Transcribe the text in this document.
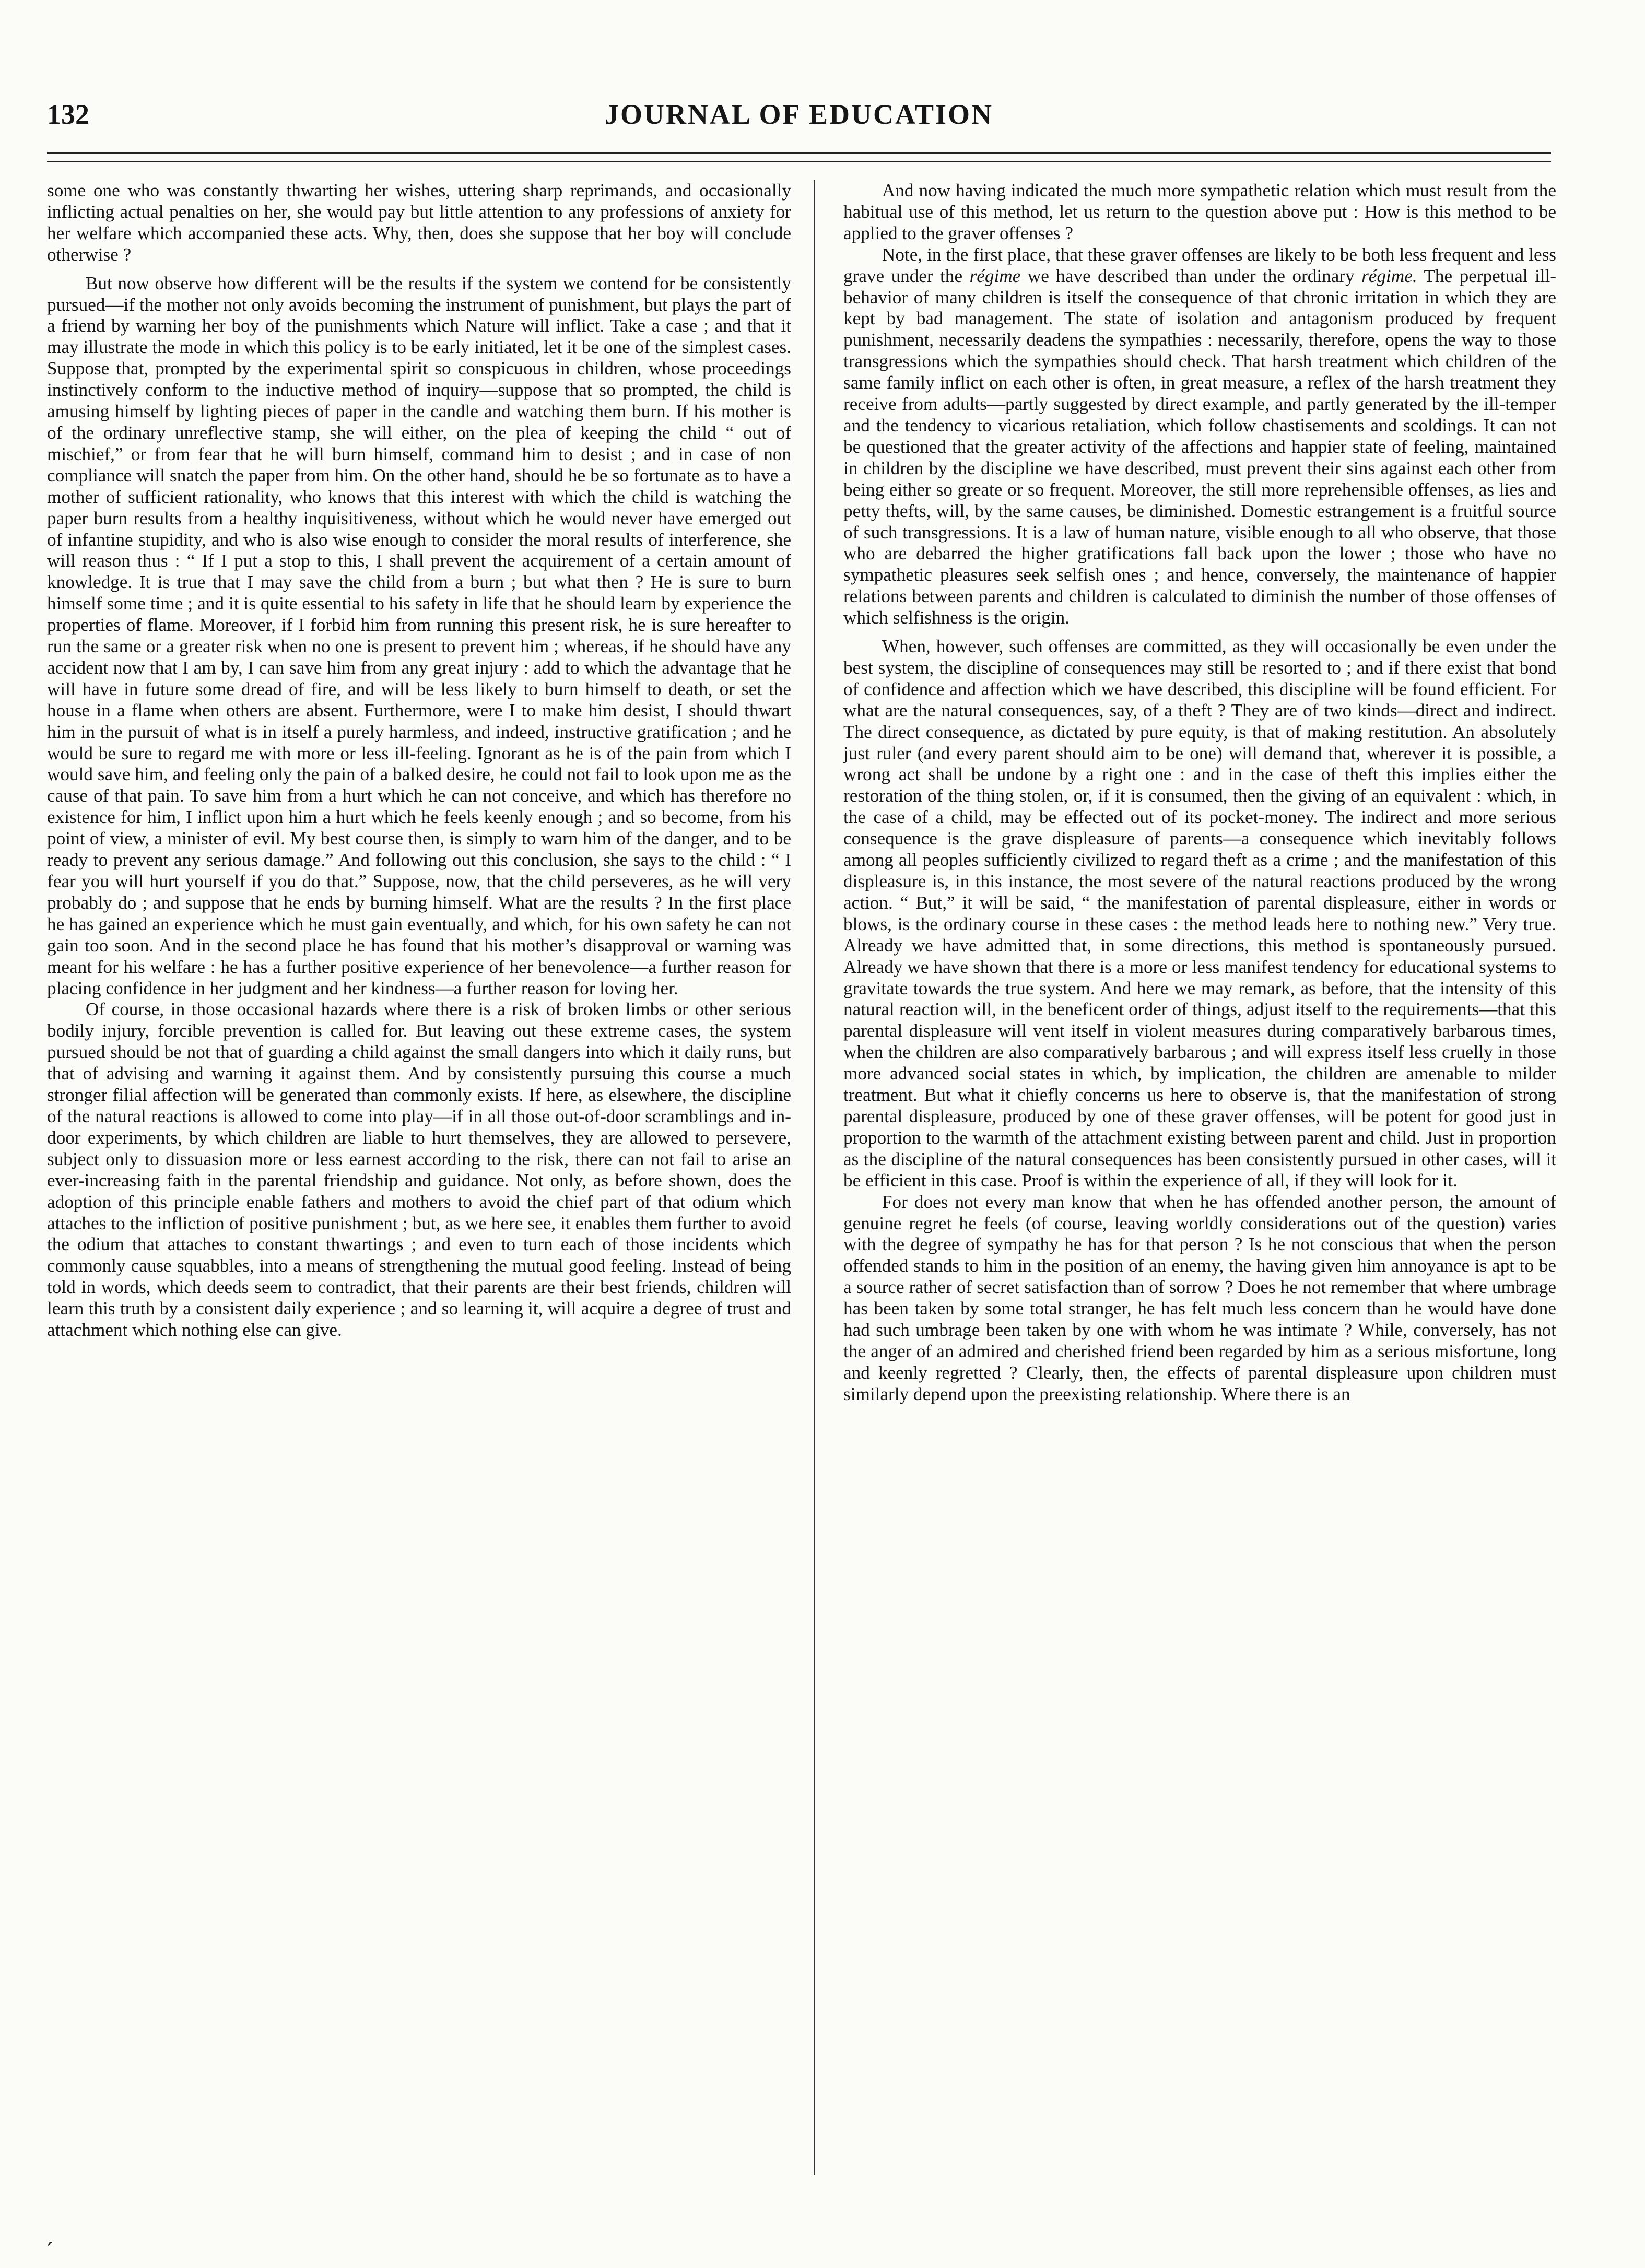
132	JOURNAL OF EDUCATION

some one who was constantly thwarting her wishes, uttering sharp reprimands, and occasionally inflicting actual penalties on her, she would pay but little attention to any professions of anxiety for her welfare which accompanied these acts. Why, then, does she suppose that her boy will conclude otherwise ?

But now observe how different will be the results if the system we contend for be consistently pursued—if the mother not only avoids becoming the instrument of punishment, but plays the part of a friend by warning her boy of the punishments which Nature will inflict. Take a case ; and that it may illustrate the mode in which this policy is to be early initiated, let it be one of the simplest cases. Suppose that, prompted by the experimental spirit so conspicuous in children, whose proceedings instinctively conform to the inductive method of inquiry—suppose that so prompted, the child is amusing himself by lighting pieces of paper in the candle and watching them burn. If his mother is of the ordinary unreflective stamp, she will either, on the plea of keeping the child “ out of mischief,” or from fear that he will burn himself, command him to desist ; and in case of non compliance will snatch the paper from him. On the other hand, should he be so fortunate as to have a mother of sufficient rationality, who knows that this interest with which the child is watching the paper burn results from a healthy inquisitiveness, without which he would never have emerged out of infantine stupidity, and who is also wise enough to consider the moral results of interference, she will reason thus : “ If I put a stop to this, I shall prevent the acquirement of a certain amount of knowledge. It is true that I may save the child from a burn ; but what then ? He is sure to burn himself some time ; and it is quite essential to his safety in life that he should learn by experience the properties of flame. Moreover, if I forbid him from running this present risk, he is sure hereafter to run the same or a greater risk when no one is present to prevent him ; whereas, if he should have any accident now that I am by, I can save him from any great injury : add to which the advantage that he will have in future some dread of fire, and will be less likely to burn himself to death, or set the house in a flame when others are absent. Furthermore, were I to make him desist, I should thwart him in the pursuit of what is in itself a purely harmless, and indeed, instructive gratification ; and he would be sure to regard me with more or less ill-feeling. Ignorant as he is of the pain from which I would save him, and feeling only the pain of a balked desire, he could not fail to look upon me as the cause of that pain. To save him from a hurt which he can not conceive, and which has therefore no existence for him, I inflict upon him a hurt which he feels keenly enough ; and so become, from his point of view, a minister of evil. My best course then, is simply to warn him of the danger, and to be ready to prevent any serious damage.” And following out this conclusion, she says to the child : “ I fear you will hurt yourself if you do that.” Suppose, now, that the child perseveres, as he will very probably do ; and suppose that he ends by burning himself. What are the results ? In the first place he has gained an experience which he must gain eventually, and which, for his own safety he can not gain too soon. And in the second place he has found that his mother’s disapproval or warning was meant for his welfare : he has a further positive experience of her benevolence—a further reason for placing confidence in her judgment and her kindness—a further reason for loving her.

Of course, in those occasional hazards where there is a risk of broken limbs or other serious bodily injury, forcible prevention is called for. But leaving out these extreme cases, the system pursued should be not that of guarding a child against the small dangers into which it daily runs, but that of advising and warning it against them. And by consistently pursuing this course a much stronger filial affection will be generated than commonly exists. If here, as elsewhere, the discipline of the natural reactions is allowed to come into play—if in all those out-of-door scramblings and in-door experiments, by which children are liable to hurt themselves, they are allowed to persevere, subject only to dissuasion more or less earnest according to the risk, there can not fail to arise an ever-increasing faith in the parental friendship and guidance. Not only, as before shown, does the adoption of this principle enable fathers and mothers to avoid the chief part of that odium which attaches to the infliction of positive punishment ; but, as we here see, it enables them further to avoid the odium that attaches to constant thwartings ; and even to turn each of those incidents which commonly cause squabbles, into a means of strengthening the mutual good feeling. Instead of being told in words, which deeds seem to contradict, that their parents are their best friends, children will learn this truth by a consistent daily experience ; and so learning it, will acquire a degree of trust and attachment which nothing else can give.

And now having indicated the much more sympathetic relation which must result from the habitual use of this method, let us return to the question above put : How is this method to be applied to the graver offenses ?

Note, in the first place, that these graver offenses are likely to be both less frequent and less grave under the régime we have described than under the ordinary régime. The perpetual ill-behavior of many children is itself the consequence of that chronic irritation in which they are kept by bad management. The state of isolation and antagonism produced by frequent punishment, necessarily deadens the sympathies : necessarily, therefore, opens the way to those transgressions which the sympathies should check. That harsh treatment which children of the same family inflict on each other is often, in great measure, a reflex of the harsh treatment they receive from adults—partly suggested by direct example, and partly generated by the ill-temper and the tendency to vicarious retaliation, which follow chastisements and scoldings. It can not be questioned that the greater activity of the affections and happier state of feeling, maintained in children by the discipline we have described, must prevent their sins against each other from being either so greate or so frequent. Moreover, the still more reprehensible offenses, as lies and petty thefts, will, by the same causes, be diminished. Domestic estrangement is a fruitful source of such transgressions. It is a law of human nature, visible enough to all who observe, that those who are debarred the higher gratifications fall back upon the lower ; those who have no sympathetic pleasures seek selfish ones ; and hence, conversely, the maintenance of happier relations between parents and children is calculated to diminish the number of those offenses of which selfishness is the origin.

When, however, such offenses are committed, as they will occasionally be even under the best system, the discipline of consequences may still be resorted to ; and if there exist that bond of confidence and affection which we have described, this discipline will be found efficient. For what are the natural consequences, say, of a theft ? They are of two kinds—direct and indirect. The direct consequence, as dictated by pure equity, is that of making restitution. An absolutely just ruler (and every parent should aim to be one) will demand that, wherever it is possible, a wrong act shall be undone by a right one : and in the case of theft this implies either the restoration of the thing stolen, or, if it is consumed, then the giving of an equivalent : which, in the case of a child, may be effected out of its pocket-money. The indirect and more serious consequence is the grave displeasure of parents—a consequence which inevitably follows among all peoples sufficiently civilized to regard theft as a crime ; and the manifestation of this displeasure is, in this instance, the most severe of the natural reactions produced by the wrong action. “ But,” it will be said, “ the manifestation of parental displeasure, either in words or blows, is the ordinary course in these cases : the method leads here to nothing new.” Very true. Already we have admitted that, in some directions, this method is spontaneously pursued. Already we have shown that there is a more or less manifest tendency for educational systems to gravitate towards the true system. And here we may remark, as before, that the intensity of this natural reaction will, in the beneficent order of things, adjust itself to the requirements—that this parental displeasure will vent itself in violent measures during comparatively barbarous times, when the children are also comparatively barbarous ; and will express itself less cruelly in those more advanced social states in which, by implication, the children are amenable to milder treatment. But what it chiefly concerns us here to observe is, that the manifestation of strong parental displeasure, produced by one of these graver offenses, will be potent for good just in proportion to the warmth of the attachment existing between parent and child. Just in proportion as the discipline of the natural consequences has been consistently pursued in other cases, will it be efficient in this case. Proof is within the experience of all, if they will look for it.

For does not every man know that when he has offended another person, the amount of genuine regret he feels (of course, leaving worldly considerations out of the question) varies with the degree of sympathy he has for that person ? Is he not conscious that when the person offended stands to him in the position of an enemy, the having given him annoyance is apt to be a source rather of secret satisfaction than of sorrow ? Does he not remember that where umbrage has been taken by some total stranger, he has felt much less concern than he would have done had such umbrage been taken by one with whom he was intimate ? While, conversely, has not the anger of an admired and cherished friend been regarded by him as a serious misfortune, long and keenly regretted ? Clearly, then, the effects of parental displeasure upon children must similarly depend upon the preexisting relationship. Where there is an

´
